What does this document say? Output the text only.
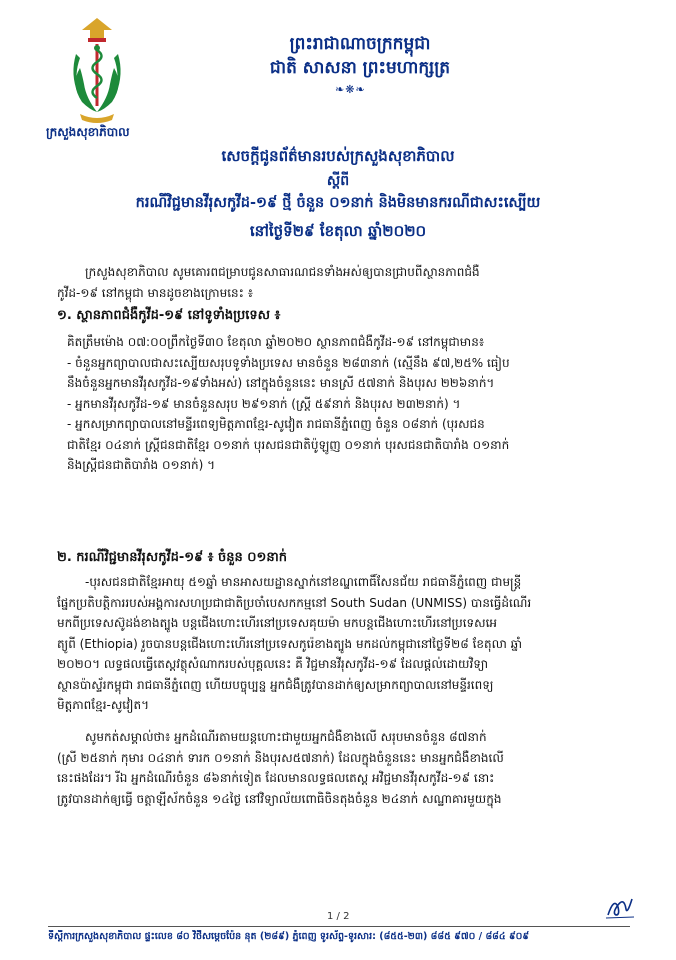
ក្រសួងសុខាភិបាល
ព្រះរាជាណាចក្រកម្ពុជា
ជាតិ សាសនា ព្រះមហាក្សត្រ
❧❋❧
សេចក្តីជូនព័ត៌មានរបស់ក្រសួងសុខាភិបាល
ស្តីពី
ករណីវិជ្ជមានវីរុសកូវីដ-១៩ ថ្មី ចំនួន ០១នាក់ និងមិនមានករណីជាសះស្បើយ
នៅថ្ងៃទី២៩ ខែតុលា ឆ្នាំ២០២០

ក្រសួងសុខាភិបាល សូមគោរពជម្រាបជូនសាធារណជនទាំងអស់ឲ្យបានជ្រាបពីស្ថានភាពជំងឺ

កូវីដ-១៩ នៅកម្ពុជា មានដូចខាងក្រោមនេះ ៖

១. ស្ថានភាពជំងឺកូវីដ-១៩ នៅទូទាំងប្រទេស ៖

គិតត្រឹមម៉ោង ០៧:០០ព្រឹកថ្ងៃទី៣០ ខែតុលា ឆ្នាំ២០២០ ស្ថានភាពជំងឺកូវីដ-១៩ នៅកម្ពុជាមាន៖

- ចំនួនអ្នកព្យាបាលជាសះស្បើយសរុបទូទាំងប្រទេស មានចំនួន ២៨៣នាក់ (ស្មើនឹង ៩៧,២៥% ធៀប

នឹងចំនួនអ្នកមានវីរុសកូវីដ-១៩ទាំងអស់) នៅក្នុងចំនួននេះ មានស្រី ៥៧នាក់ និងបុរស ២២៦នាក់។

- អ្នកមានវីរុសកូវីដ-១៩ មានចំនួនសរុប ២៩១នាក់ (ស្ត្រី ៥៩នាក់ និងបុរស ២៣២នាក់) ។

- អ្នកសម្រាកព្យាបាលនៅមន្ទីរពេទ្យមិត្តភាពខ្មែរ-សូវៀត រាជធានីភ្នំពេញ ចំនួន ០៨នាក់ (បុរសជន

ជាតិខ្មែរ ០៤នាក់ ស្ត្រីជនជាតិខ្មែរ ០១នាក់ បុរសជនជាតិប៉ូឡូញ ០១នាក់ បុរសជនជាតិបារាំង ០១នាក់

និងស្ត្រីជនជាតិបារាំង ០១នាក់) ។

២. ករណីវិជ្ជមានវីរុសកូវីដ-១៩ ៖ ចំនួន ០១នាក់

-បុរសជនជាតិខ្មែរអាយុ ៥១ឆ្នាំ មានអាសយដ្ឋានស្នាក់នៅខណ្ឌពោធិ៍សែនជ័យ រាជធានីភ្នំពេញ ជាមន្ត្រី

ផ្នែកប្រតិបត្តិការរបស់អង្គការសហប្រជាជាតិប្រចាំបេសកកម្មនៅ South Sudan (UNMISS) បានធ្វើដំណើរ

មកពីប្រទេសស៊ូដង់ខាងត្បូង បន្តជើងហោះហើរនៅប្រទេសគុយម៉ា មកបន្តជើងហោះហើរនៅប្រទេសអេ

ត្យូពី (Ethiopia) រួចបានបន្តជើងហោះហើរនៅប្រទេសកូរ៉េខាងត្បូង មកដល់កម្ពុជានៅថ្ងៃទី២៨ ខែតុលា ឆ្នាំ

២០២០។ លទ្ធផលធ្វើតេស្តវត្ថុសំណាករបស់បុគ្គលនេះ គឺ វិជ្ជមានវីរុសកូវីដ-១៩ ដែលផ្តល់ដោយវិទ្យា

ស្ថានប៉ាស្ទ័រកម្ពុជា រាជធានីភ្នំពេញ ហើយបច្ចុប្បន្ន អ្នកជំងឺត្រូវបានដាក់ឲ្យសម្រាកព្យាបាលនៅមន្ទីរពេទ្យ

មិត្តភាពខ្មែរ-សូវៀត។

សូមកត់សម្គាល់ថា៖ អ្នកដំណើរតាមយន្តហោះជាមួយអ្នកជំងឺខាងលើ សរុបមានចំនួន ៨៧នាក់

(ស្រី ២៥នាក់ កុមារ ០៤នាក់ ទារក ០១នាក់ និងបុរស៥៧នាក់) ដែលក្នុងចំនួននេះ មានអ្នកជំងឺខាងលើ

នេះផងដែរ។ រីឯ អ្នកដំណើរចំនួន ៨៦នាក់ទៀត ដែលមានលទ្ធផលតេស្ត អវិជ្ជមានវីរុសកូវីដ-១៩ នោះ

ត្រូវបានដាក់ឲ្យធ្វើ ចត្តាឡីស័កចំនួន ១៤ថ្ងៃ នៅវិទ្យាល័យពោធិចិនតុងចំនួន ២៤នាក់ សណ្ឋាគារមួយក្នុង

1 / 2
ទីស្តីការក្រសួងសុខាភិបាល ផ្ទះលេខ ៨០ វិថីសម្តេចប៉ែន នុត (២៨៩) ភ្នំពេញ ទូរស័ព្ទ-ទូរសារ: (៨៥៥-២៣) ៨៨៥ ៩៧០ / ៨៨៤ ៩០៩
